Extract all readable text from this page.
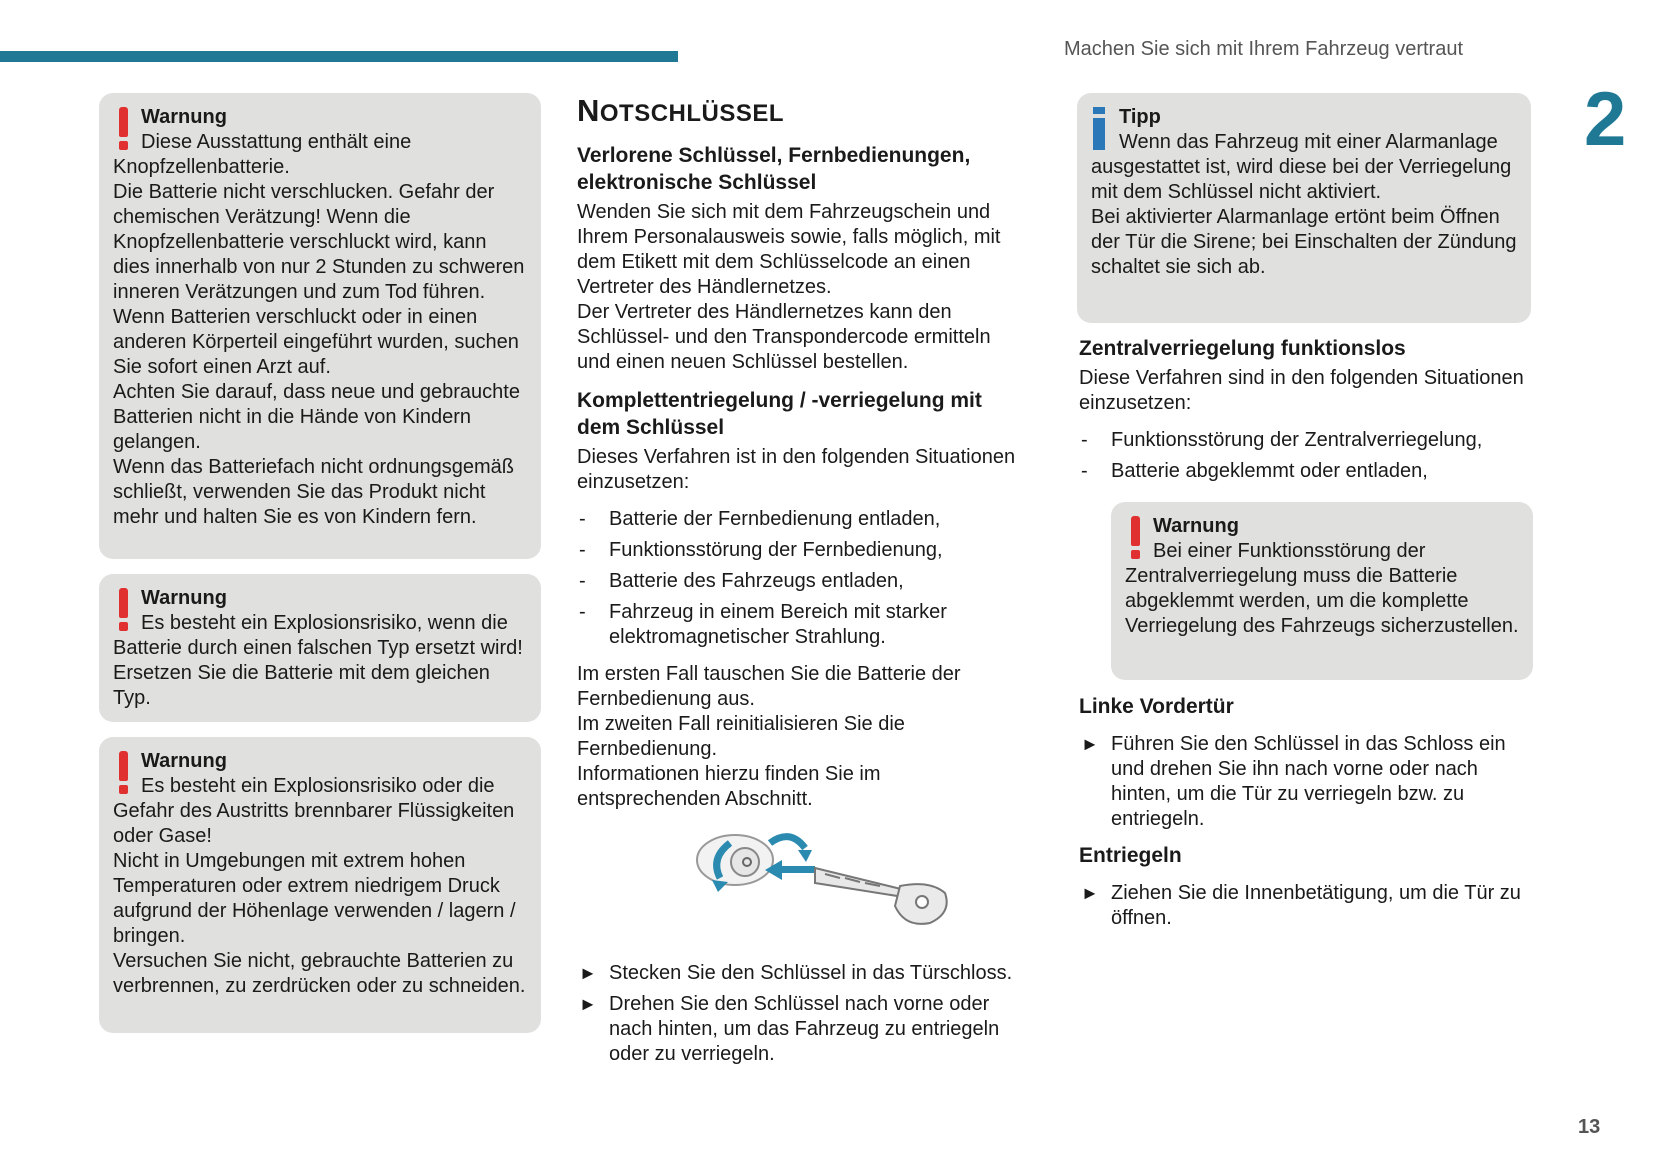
Machen Sie sich mit Ihrem Fahrzeug vertraut
2
13

Warnung

Diese Ausstattung enthält eine Knopfzellenbatterie.

Die Batterie nicht verschlucken. Gefahr der chemischen Verätzung! Wenn die Knopfzellenbatterie verschluckt wird, kann dies innerhalb von nur 2 Stunden zu schweren inneren Verätzungen und zum Tod führen.

Wenn Batterien verschluckt oder in einen anderen Körperteil eingeführt wurden, suchen Sie sofort einen Arzt auf.

Achten Sie darauf, dass neue und gebrauchte Batterien nicht in die Hände von Kindern gelangen.

Wenn das Batteriefach nicht ordnungsgemäß schließt, verwenden Sie das Produkt nicht mehr und halten Sie es von Kindern fern.

Warnung

Es besteht ein Explosionsrisiko, wenn die Batterie durch einen falschen Typ ersetzt wird! Ersetzen Sie die Batterie mit dem gleichen Typ.

Warnung

Es besteht ein Explosionsrisiko oder die Gefahr des Austritts brennbarer Flüssigkeiten oder Gase!

Nicht in Umgebungen mit extrem hohen Temperaturen oder extrem niedrigem Druck aufgrund der Höhenlage verwenden / lagern / bringen.

Versuchen Sie nicht, gebrauchte Batterien zu verbrennen, zu zerdrücken oder zu schneiden.

NOTSCHLÜSSEL

Verlorene Schlüssel, Fernbedienungen, elektronische Schlüssel

Wenden Sie sich mit dem Fahrzeugschein und Ihrem Personalausweis sowie, falls möglich, mit dem Etikett mit dem Schlüsselcode an einen Vertreter des Händlernetzes.

Der Vertreter des Händlernetzes kann den Schlüssel- und den Transpondercode ermitteln und einen neuen Schlüssel bestellen.

Komplettentriegelung / -verriegelung mit dem Schlüssel

Dieses Verfahren ist in den folgenden Situationen einzusetzen:

- Batterie der Fernbedienung entladen,
- Funktionsstörung der Fernbedienung,
- Batterie des Fahrzeugs entladen,
- Fahrzeug in einem Bereich mit starker elektromagnetischer Strahlung.

Im ersten Fall tauschen Sie die Batterie der Fernbedienung aus.

Im zweiten Fall reinitialisieren Sie die Fernbedienung.

Informationen hierzu finden Sie im entsprechenden Abschnitt.

► Stecken Sie den Schlüssel in das Türschloss.
► Drehen Sie den Schlüssel nach vorne oder nach hinten, um das Fahrzeug zu entriegeln oder zu verriegeln.

Tipp

Wenn das Fahrzeug mit einer Alarmanlage ausgestattet ist, wird diese bei der Verriegelung mit dem Schlüssel nicht aktiviert.

Bei aktivierter Alarmanlage ertönt beim Öffnen der Tür die Sirene; bei Einschalten der Zündung schaltet sie sich ab.

Zentralverriegelung funktionslos

Diese Verfahren sind in den folgenden Situationen einzusetzen:

- Funktionsstörung der Zentralverriegelung,
- Batterie abgeklemmt oder entladen,

Warnung

Bei einer Funktionsstörung der Zentralverriegelung muss die Batterie abgeklemmt werden, um die komplette Verriegelung des Fahrzeugs sicherzustellen.

Linke Vordertür

► Führen Sie den Schlüssel in das Schloss ein und drehen Sie ihn nach vorne oder nach hinten, um die Tür zu verriegeln bzw. zu entriegeln.

Entriegeln

► Ziehen Sie die Innenbetätigung, um die Tür zu öffnen.
